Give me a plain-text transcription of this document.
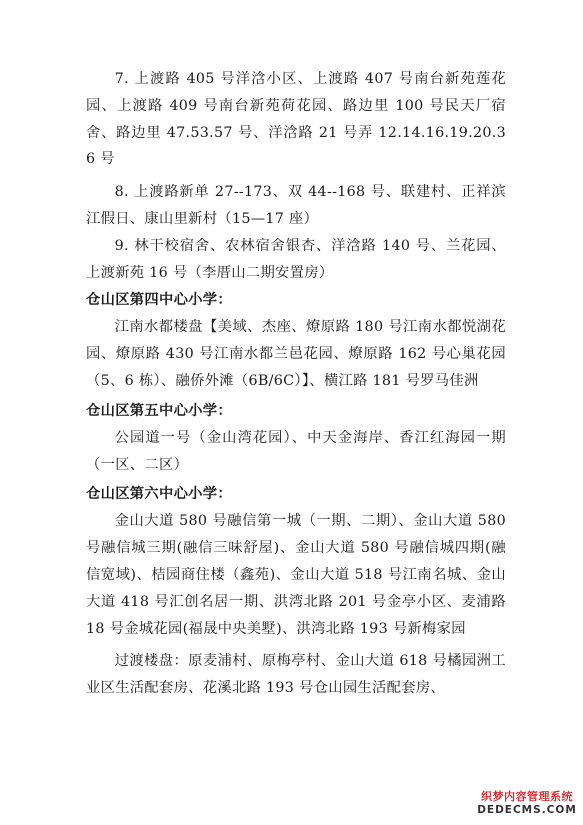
7. 上渡路 405 号洋浛小区、上渡路 407 号南台新苑莲花园、上渡路 409 号南台新苑荷花园、路边里 100 号民天厂宿舍、路边里 47.53.57 号、洋浛路 21 号弄 12.14.16.19.20.36 号

8. 上渡路新单 27--173、双 44--168 号、联建村、正祥滨江假日、康山里新村（15—17 座）

9. 林干校宿舍、农林宿舍银杏、洋浛路 140 号、兰花园、上渡新苑 16 号（李厝山二期安置房）

仓山区第四中心小学：

江南水都楼盘【美域、杰座、燎原路 180 号江南水都悦湖花园、燎原路 430 号江南水都兰邑花园、燎原路 162 号心巢花园（5、6 栋）、融侨外滩（6B/6C）】、横江路 181 号罗马佳洲

仓山区第五中心小学：

公园道一号（金山湾花园）、中天金海岸、香江红海园一期（一区、二区）

仓山区第六中心小学：

金山大道 580 号融信第一城（一期、二期）、金山大道 580 号融信城三期(融信三味舒屋)、金山大道 580 号融信城四期(融信宽域)、桔园商住楼（鑫苑)、金山大道 518 号江南名城、金山大道 418 号汇创名居一期、洪湾北路 201 号金亭小区、麦浦路 18 号金城花园(福晟中央美墅)、洪湾北路 193 号新梅家园

过渡楼盘：原麦浦村、原梅亭村、金山大道 618 号橘园洲工业区生活配套房、花溪北路 193 号仓山园生活配套房、

织梦内容管理系统
DEDECMS.COM
